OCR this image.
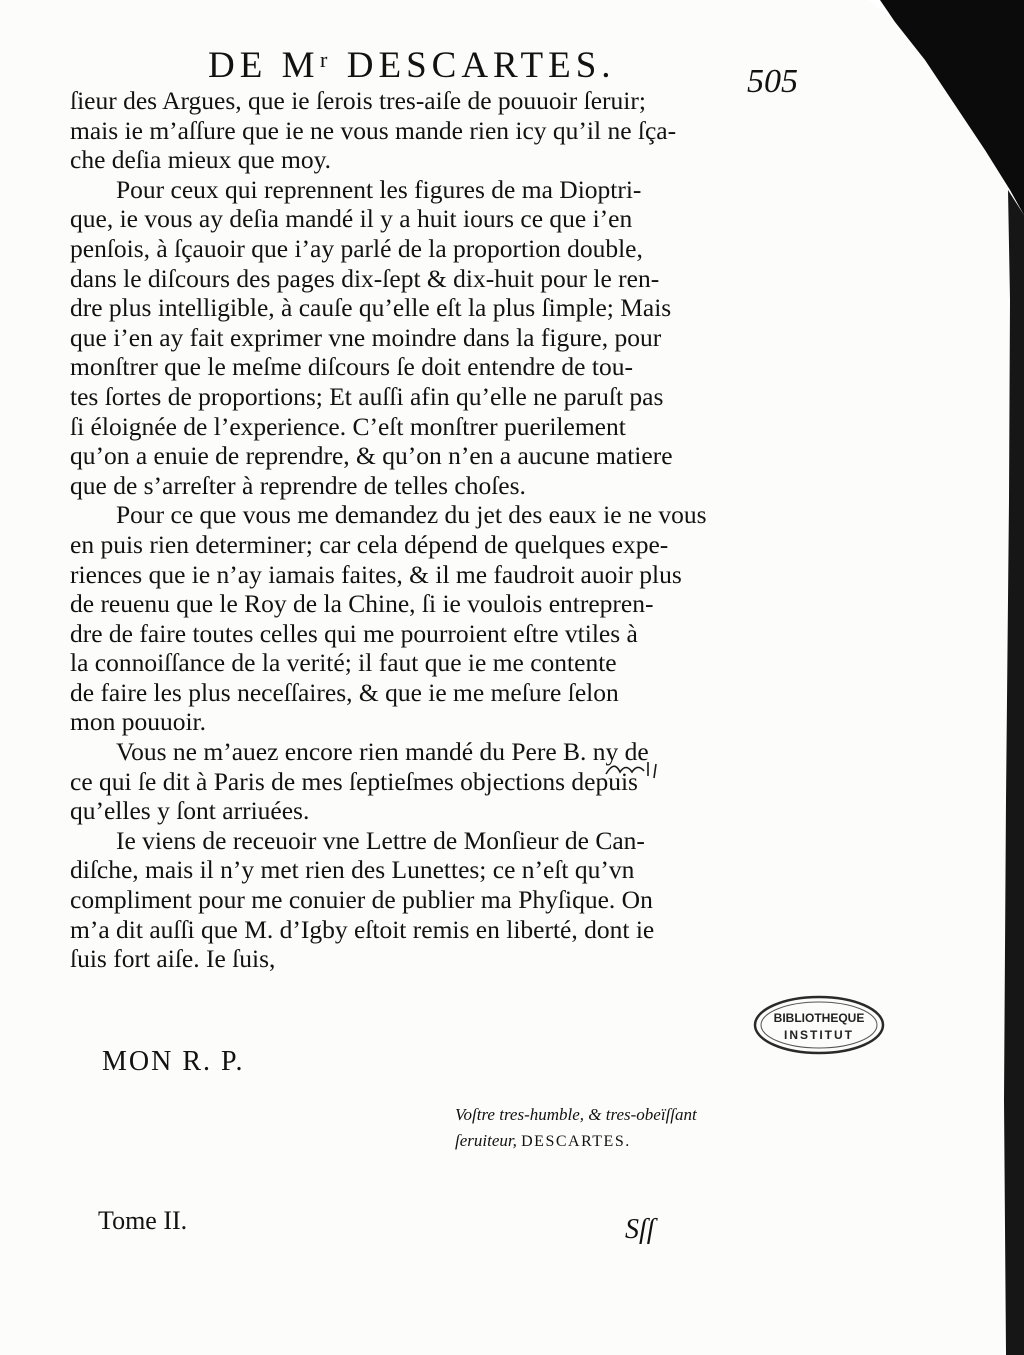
DE Mʳ DESCARTES.	505
ſieur des Argues, que ie ſerois tres-aiſe de pouuoir ſeruir;
mais ie m’aſſure que ie ne vous mande rien icy qu’il ne ſça-
che deſia mieux que moy.
Pour ceux qui reprennent les figures de ma Dioptri-
que, ie vous ay deſia mandé il y a huit iours ce que i’en
penſois, à ſçauoir que i’ay parlé de la proportion double,
dans le diſcours des pages dix-ſept & dix-huit pour le ren-
dre plus intelligible, à cauſe qu’elle eſt la plus ſimple; Mais
que i’en ay fait exprimer vne moindre dans la figure, pour
monſtrer que le meſme diſcours ſe doit entendre de tou-
tes ſortes de proportions; Et auſſi afin qu’elle ne paruſt pas
ſi éloignée de l’experience. C’eſt monſtrer puerilement
qu’on a enuie de reprendre, & qu’on n’en a aucune matiere
que de s’arreſter à reprendre de telles choſes.
Pour ce que vous me demandez du jet des eaux ie ne vous
en puis rien determiner; car cela dépend de quelques expe-
riences que ie n’ay iamais faites, & il me faudroit auoir plus
de reuenu que le Roy de la Chine, ſi ie voulois entrepren-
dre de faire toutes celles qui me pourroient eſtre vtiles à
la connoiſſance de la verité; il faut que ie me contente
de faire les plus neceſſaires, & que ie me meſure ſelon
mon pouuoir.
Vous ne m’auez encore rien mandé du Pere B. ny de
ce qui ſe dit à Paris de mes ſeptieſmes objections depuis
qu’elles y ſont arriuées.
Ie viens de receuoir vne Lettre de Monſieur de Can-
diſche, mais il n’y met rien des Lunettes; ce n’eſt qu’vn
compliment pour me conuier de publier ma Phyſique. On
m’a dit auſſi que M. d’Igby eſtoit remis en liberté, dont ie
ſuis fort aiſe. Ie ſuis,
MON R. P.
Voſtre tres-humble, & tres-obeïſſant
ſeruiteur, DESCARTES.
BIBLIOTHEQUE
INSTITUT
Tome II.	Sſſ
